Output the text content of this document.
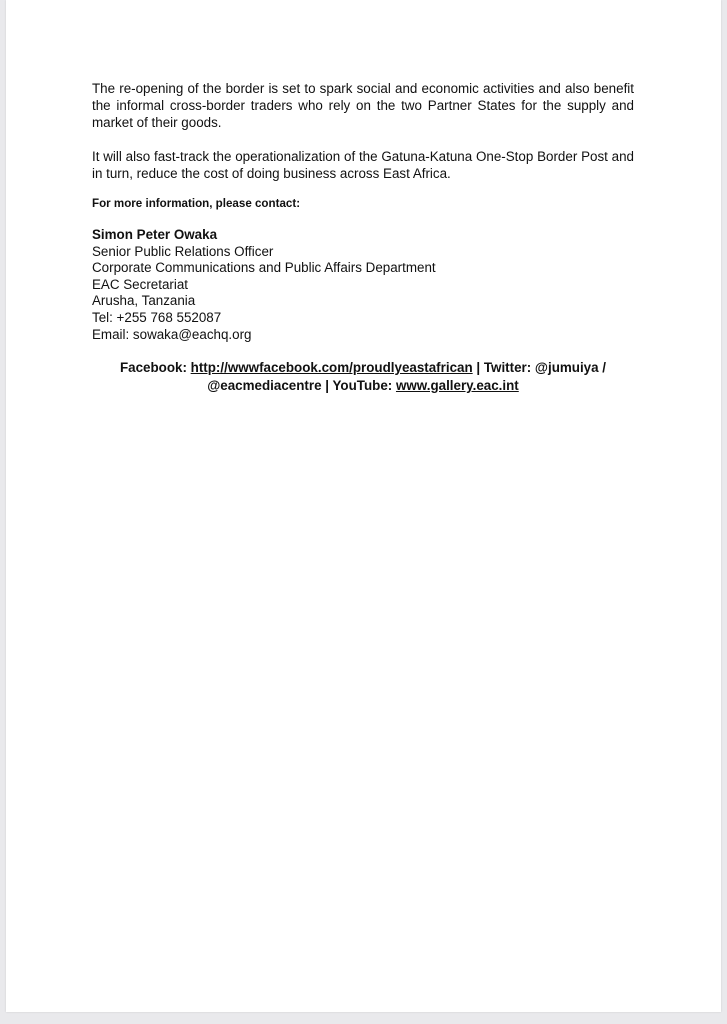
The re-opening of the border is set to spark social and economic activities and also benefit the informal cross-border traders who rely on the two Partner States for the supply and market of their goods.

It will also fast-track the operationalization of the Gatuna-Katuna One-Stop Border Post and in turn, reduce the cost of doing business across East Africa.

For more information, please contact:
Simon Peter Owaka
Senior Public Relations Officer
Corporate Communications and Public Affairs Department
EAC Secretariat
Arusha, Tanzania
Tel: +255 768 552087
Email: sowaka@eachq.org
Facebook: http://wwwfacebook.com/proudlyeastafrican | Twitter: @jumuiya /
@eacmediacentre | YouTube: www.gallery.eac.int
